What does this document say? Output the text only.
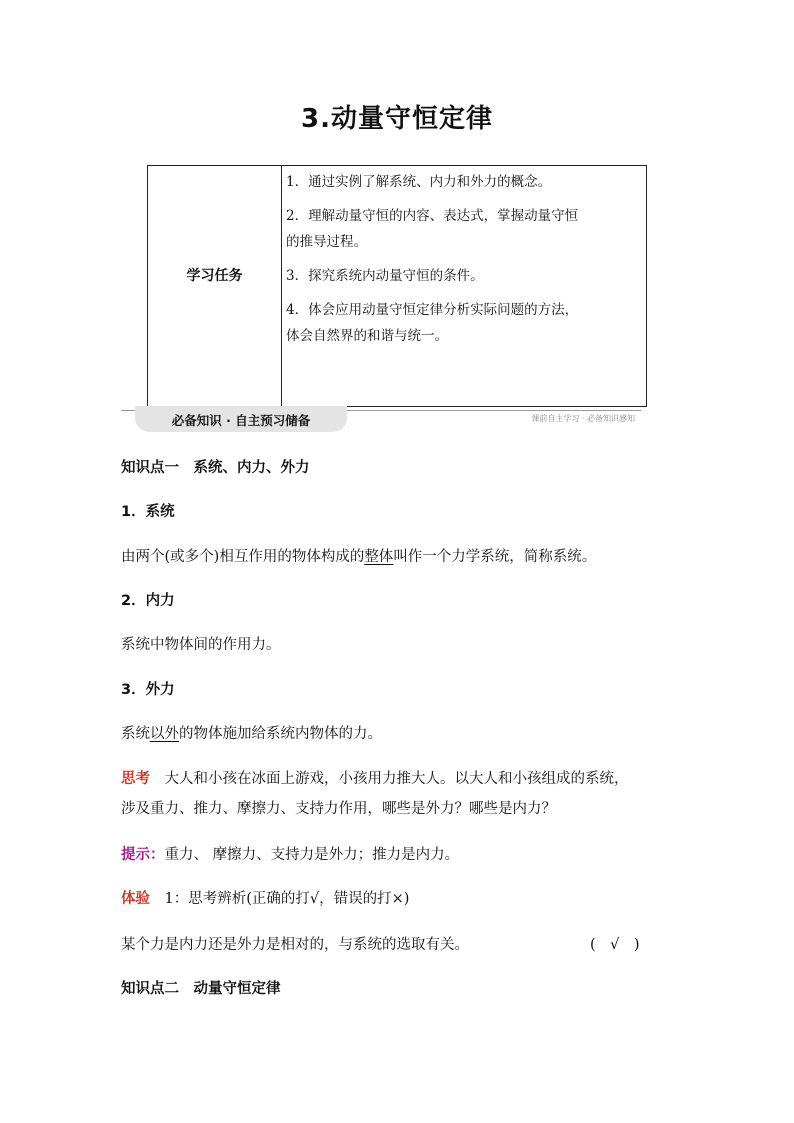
3.动量守恒定律
学习任务

1．通过实例了解系统、内力和外力的概念。

2．理解动量守恒的内容、表达式，掌握动量守恒
的推导过程。

3．探究系统内动量守恒的条件。

4．体会应用动量守恒定律分析实际问题的方法，
体会自然界的和谐与统一。

必备知识 · 自主预习储备	课前自主学习 · 必备知识感知
知识点一　系统、内力、外力
1．系统
由两个(或多个)相互作用的物体构成的整体叫作一个力学系统，简称系统。
2．内力
系统中物体间的作用力。
3．外力
系统以外的物体施加给系统内物体的力。
思考　大人和小孩在冰面上游戏，小孩用力推大人。以大人和小孩组成的系统，
涉及重力、推力、摩擦力、支持力作用，哪些是外力？哪些是内力？
提示：重力、 摩擦力、支持力是外力；推力是内力。
体验　1：思考辨析(正确的打√，错误的打×)
某个力是内力还是外力是相对的，与系统的选取有关。	(　√　)
知识点二　动量守恒定律
